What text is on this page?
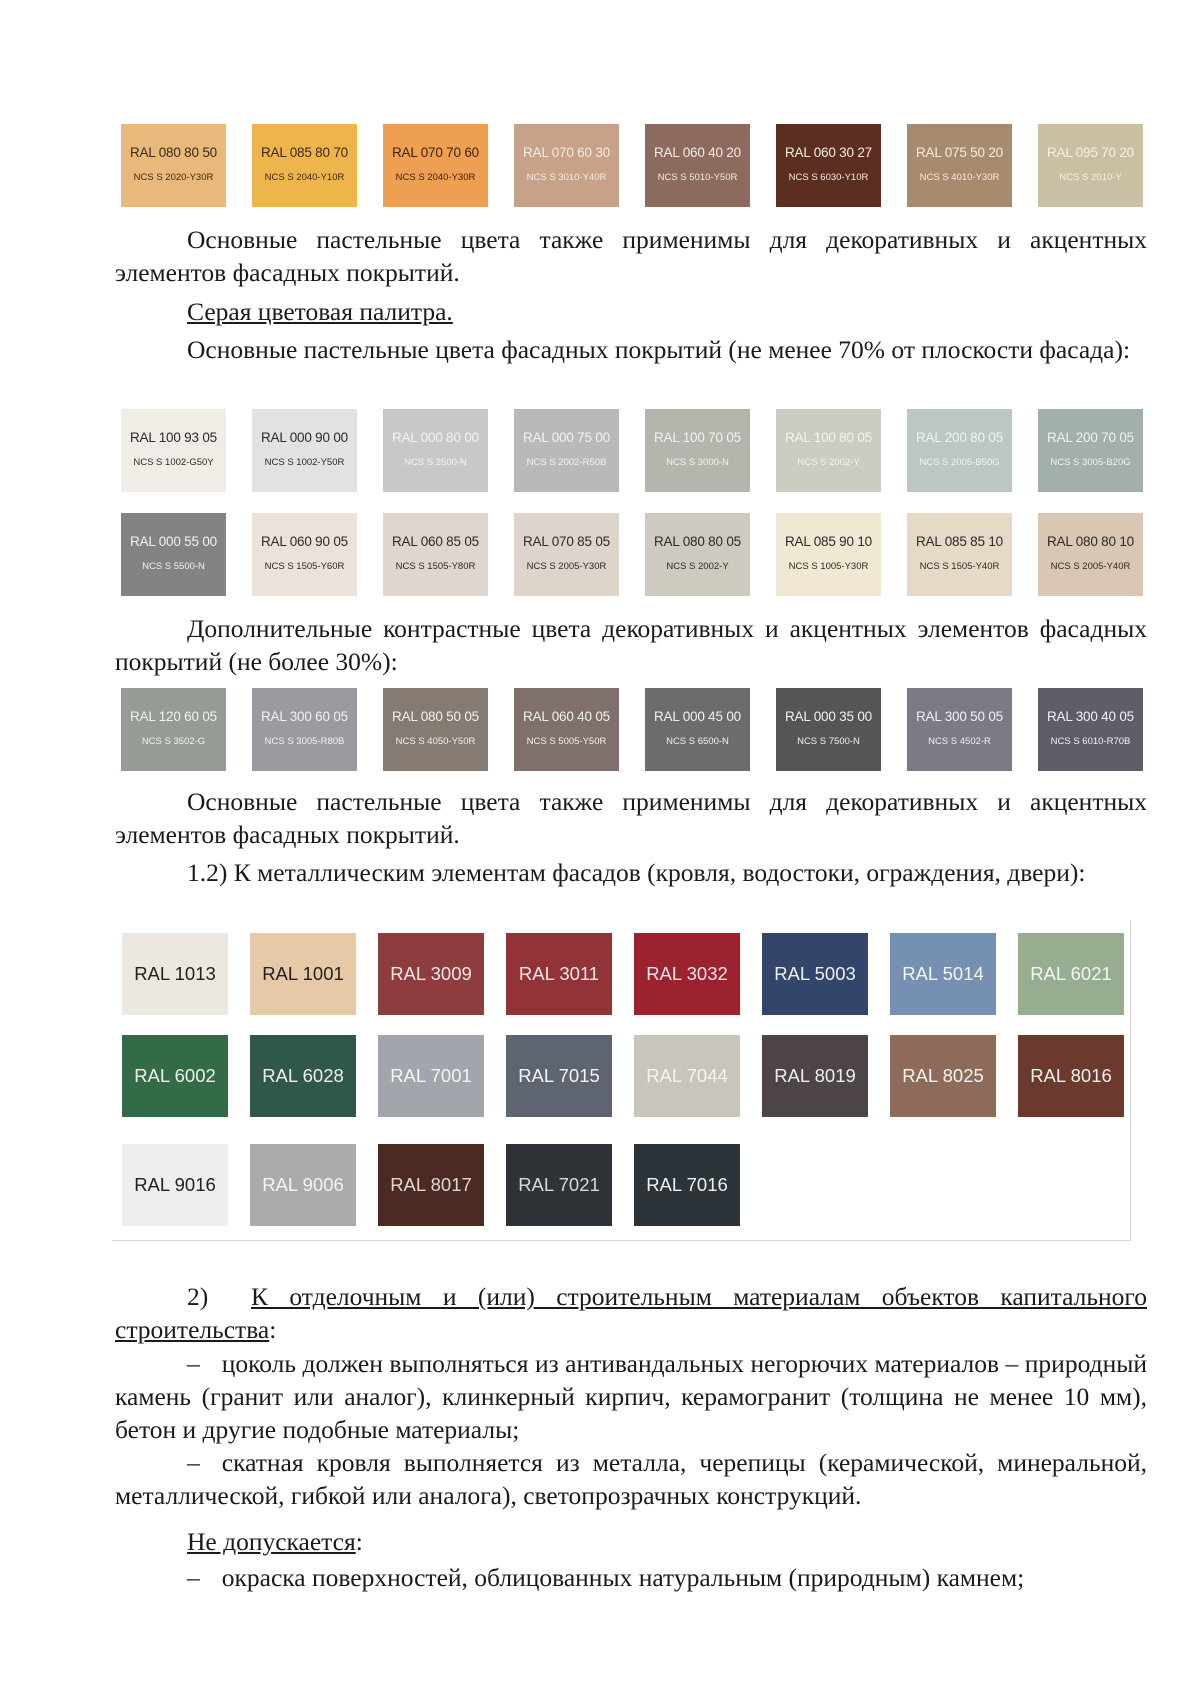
RAL 080 80 50
NCS S 2020-Y30R
RAL 085 80 70
NCS S 2040-Y10R
RAL 070 70 60
NCS S 2040-Y30R
RAL 070 60 30
NCS S 3010-Y40R
RAL 060 40 20
NCS S 5010-Y50R
RAL 060 30 27
NCS S 6030-Y10R
RAL 075 50 20
NCS S 4010-Y30R
RAL 095 70 20
NCS S 2010-Y

Основные пастельные цвета также применимы для декоративных и акцентных элементов фасадных покрытий.

Серая цветовая палитра.

Основные пастельные цвета фасадных покрытий (не менее 70% от плоскости фасада):

RAL 100 93 05
NCS S 1002-G50Y
RAL 000 90 00
NCS S 1002-Y50R
RAL 000 80 00
NCS S 2500-N
RAL 000 75 00
NCS S 2002-R50B
RAL 100 70 05
NCS S 3000-N
RAL 100 80 05
NCS S 2002-Y
RAL 200 80 05
NCS S 2005-B50G
RAL 200 70 05
NCS S 3005-B20G
RAL 000 55 00
NCS S 5500-N
RAL 060 90 05
NCS S 1505-Y60R
RAL 060 85 05
NCS S 1505-Y80R
RAL 070 85 05
NCS S 2005-Y30R
RAL 080 80 05
NCS S 2002-Y
RAL 085 90 10
NCS S 1005-Y30R
RAL 085 85 10
NCS S 1505-Y40R
RAL 080 80 10
NCS S 2005-Y40R

Дополнительные контрастные цвета декоративных и акцентных элементов фасадных покрытий (не более 30%):

RAL 120 60 05
NCS S 3502-G
RAL 300 60 05
NCS S 3005-R80B
RAL 080 50 05
NCS S 4050-Y50R
RAL 060 40 05
NCS S 5005-Y50R
RAL 000 45 00
NCS S 6500-N
RAL 000 35 00
NCS S 7500-N
RAL 300 50 05
NCS S 4502-R
RAL 300 40 05
NCS S 6010-R70B

Основные пастельные цвета также применимы для декоративных и акцентных элементов фасадных покрытий.

1.2) К металлическим элементам фасадов (кровля, водостоки, ограждения, двери):

RAL 1013	RAL 1001	RAL 3009	RAL 3011	RAL 3032	RAL 5003	RAL 5014	RAL 6021
RAL 6002	RAL 6028	RAL 7001	RAL 7015	RAL 7044	RAL 8019	RAL 8025	RAL 8016
RAL 9016	RAL 9006	RAL 8017	RAL 7021	RAL 7016

2) К отделочным и (или) строительным материалам объектов капитального строительства:

– цоколь должен выполняться из антивандальных негорючих материалов – природный камень (гранит или аналог), клинкерный кирпич, керамогранит (толщина не менее 10 мм), бетон и другие подобные материалы;

– скатная кровля выполняется из металла, черепицы (керамической, минеральной, металлической, гибкой или аналога), светопрозрачных конструкций.

Не допускается:

– окраска поверхностей, облицованных натуральным (природным) камнем;
